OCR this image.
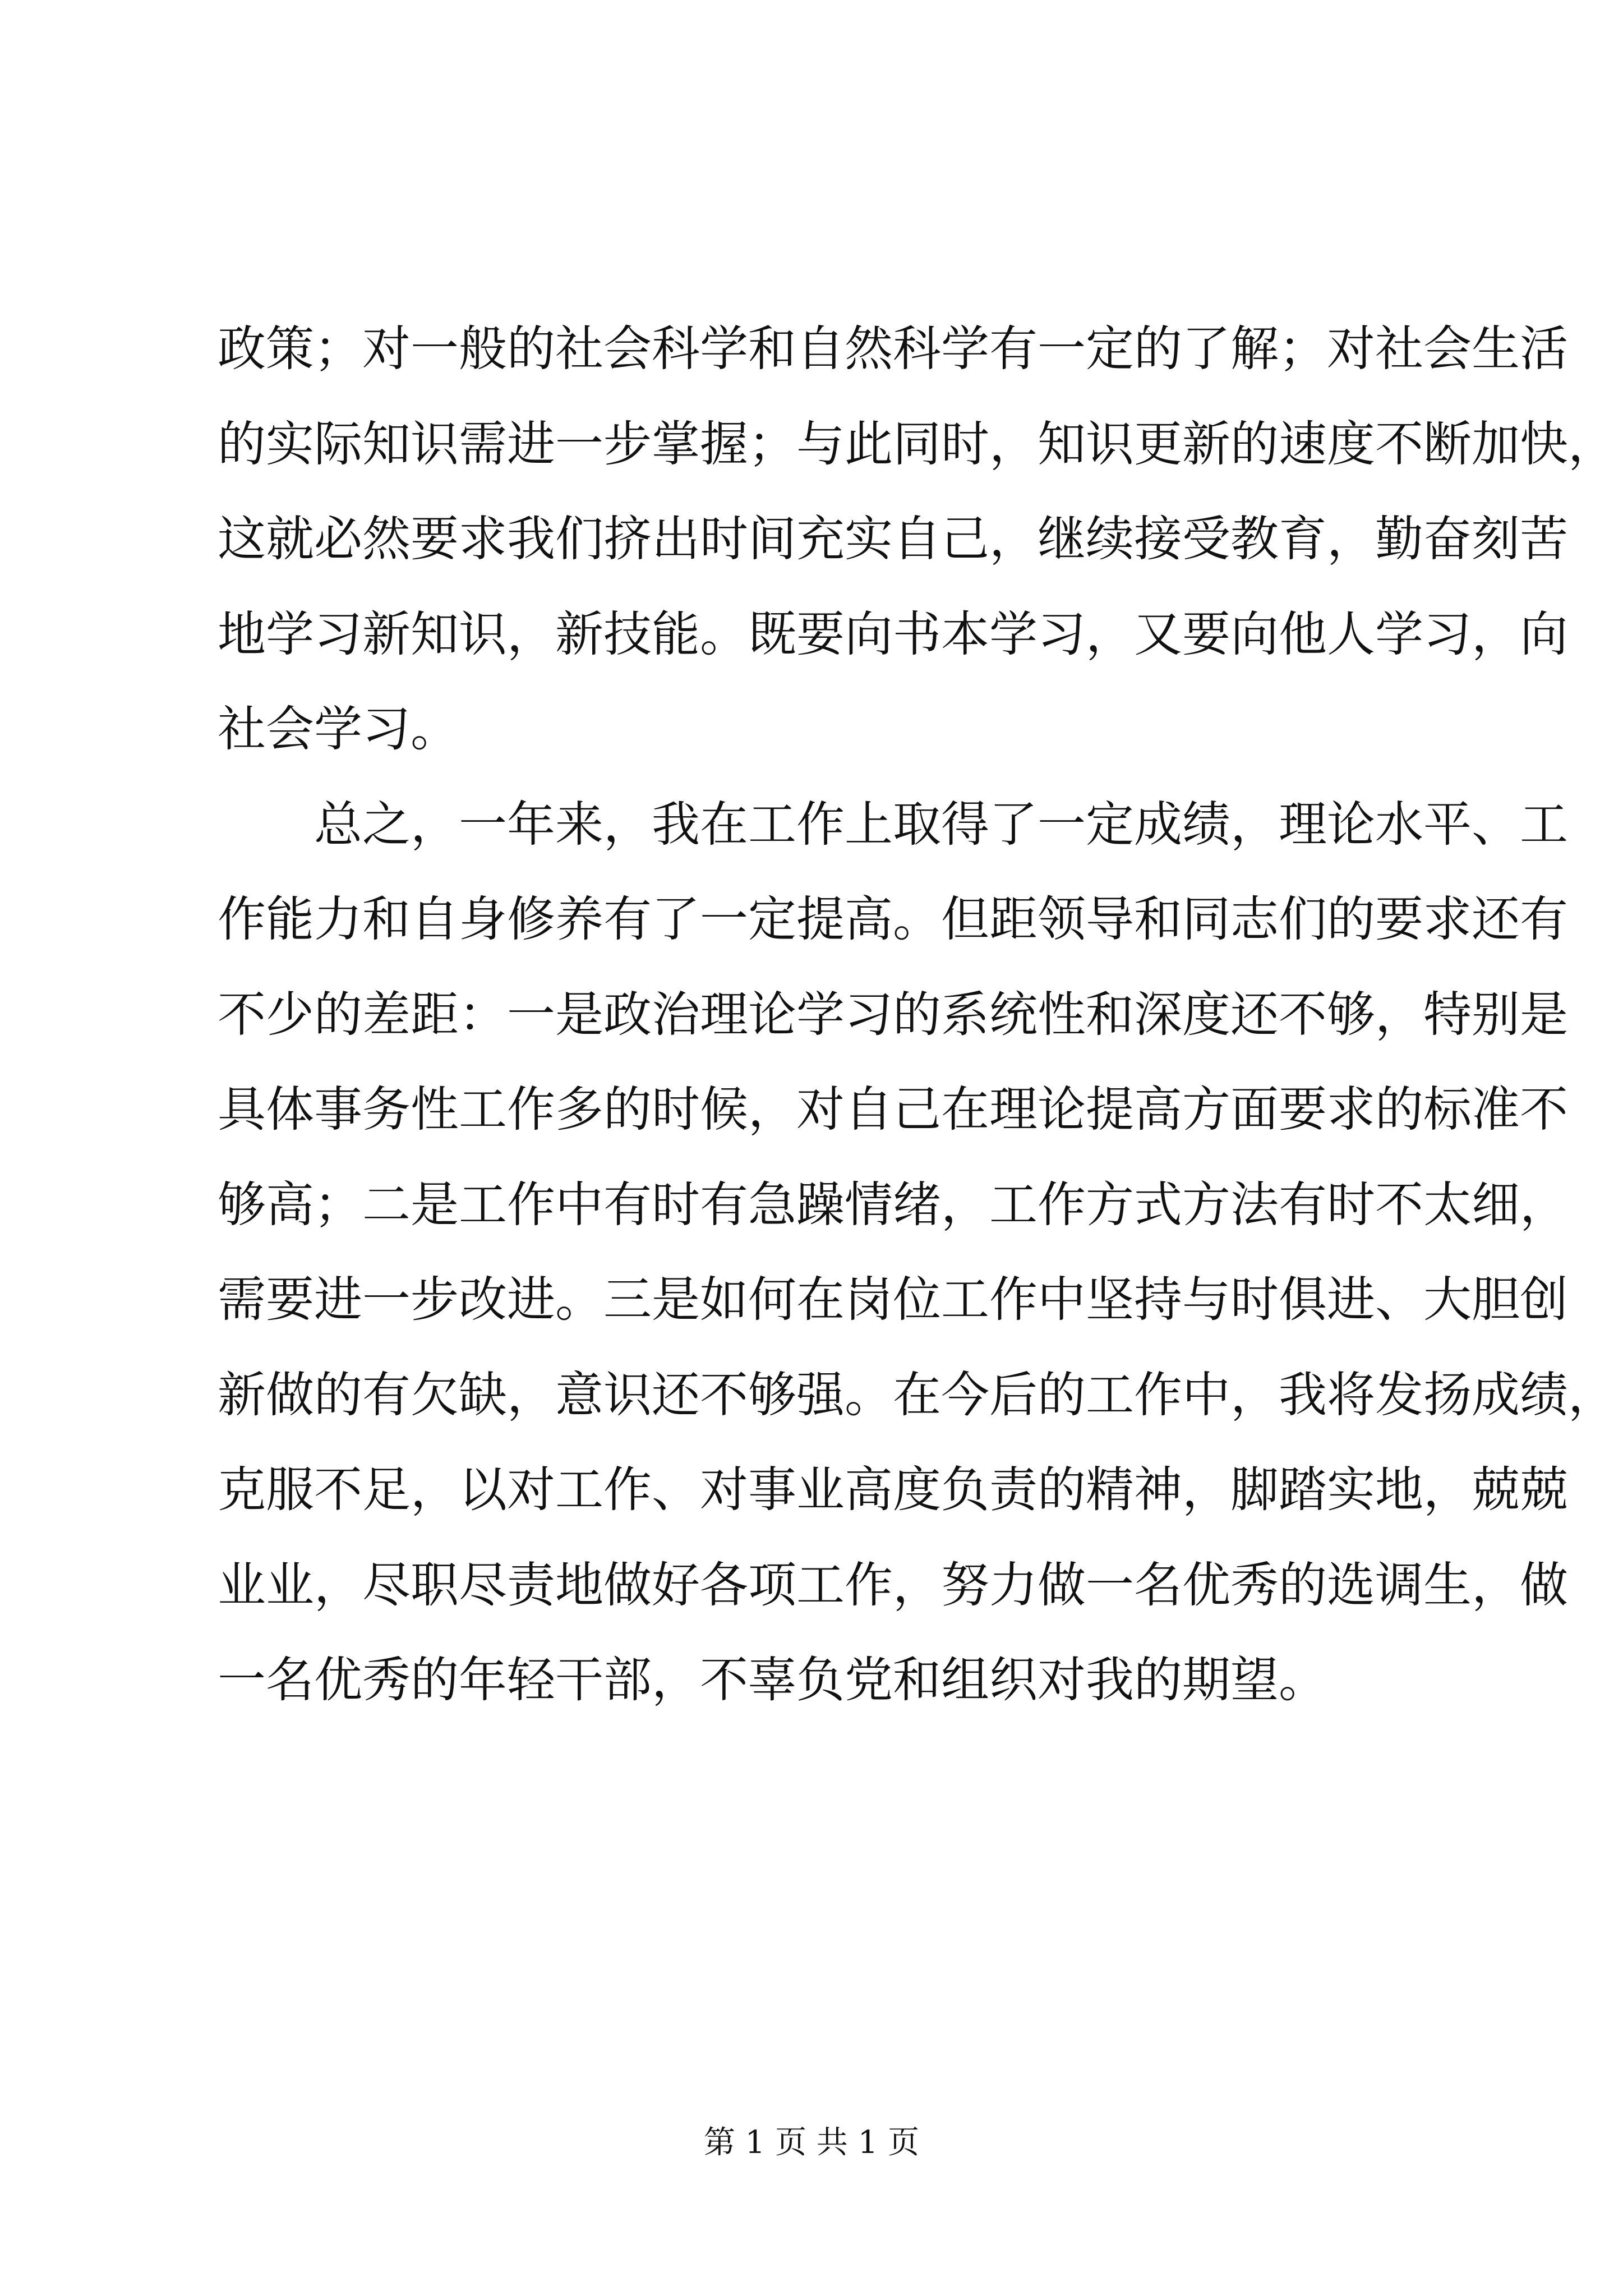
政策；对一般的社会科学和自然科学有一定的了解；对社会生活
的实际知识需进一步掌握；与此同时，知识更新的速度不断加快，
这就必然要求我们挤出时间充实自己，继续接受教育，勤奋刻苦
地学习新知识，新技能。既要向书本学习，又要向他人学习，向
社会学习。
总之，一年来，我在工作上取得了一定成绩，理论水平、工
作能力和自身修养有了一定提高。但距领导和同志们的要求还有
不少的差距：一是政治理论学习的系统性和深度还不够，特别是
具体事务性工作多的时候，对自己在理论提高方面要求的标准不
够高；二是工作中有时有急躁情绪，工作方式方法有时不太细，
需要进一步改进。三是如何在岗位工作中坚持与时俱进、大胆创
新做的有欠缺，意识还不够强。在今后的工作中，我将发扬成绩，
克服不足，以对工作、对事业高度负责的精神，脚踏实地，兢兢
业业，尽职尽责地做好各项工作，努力做一名优秀的选调生，做
一名优秀的年轻干部，不辜负党和组织对我的期望。
第 1 页 共 1 页
